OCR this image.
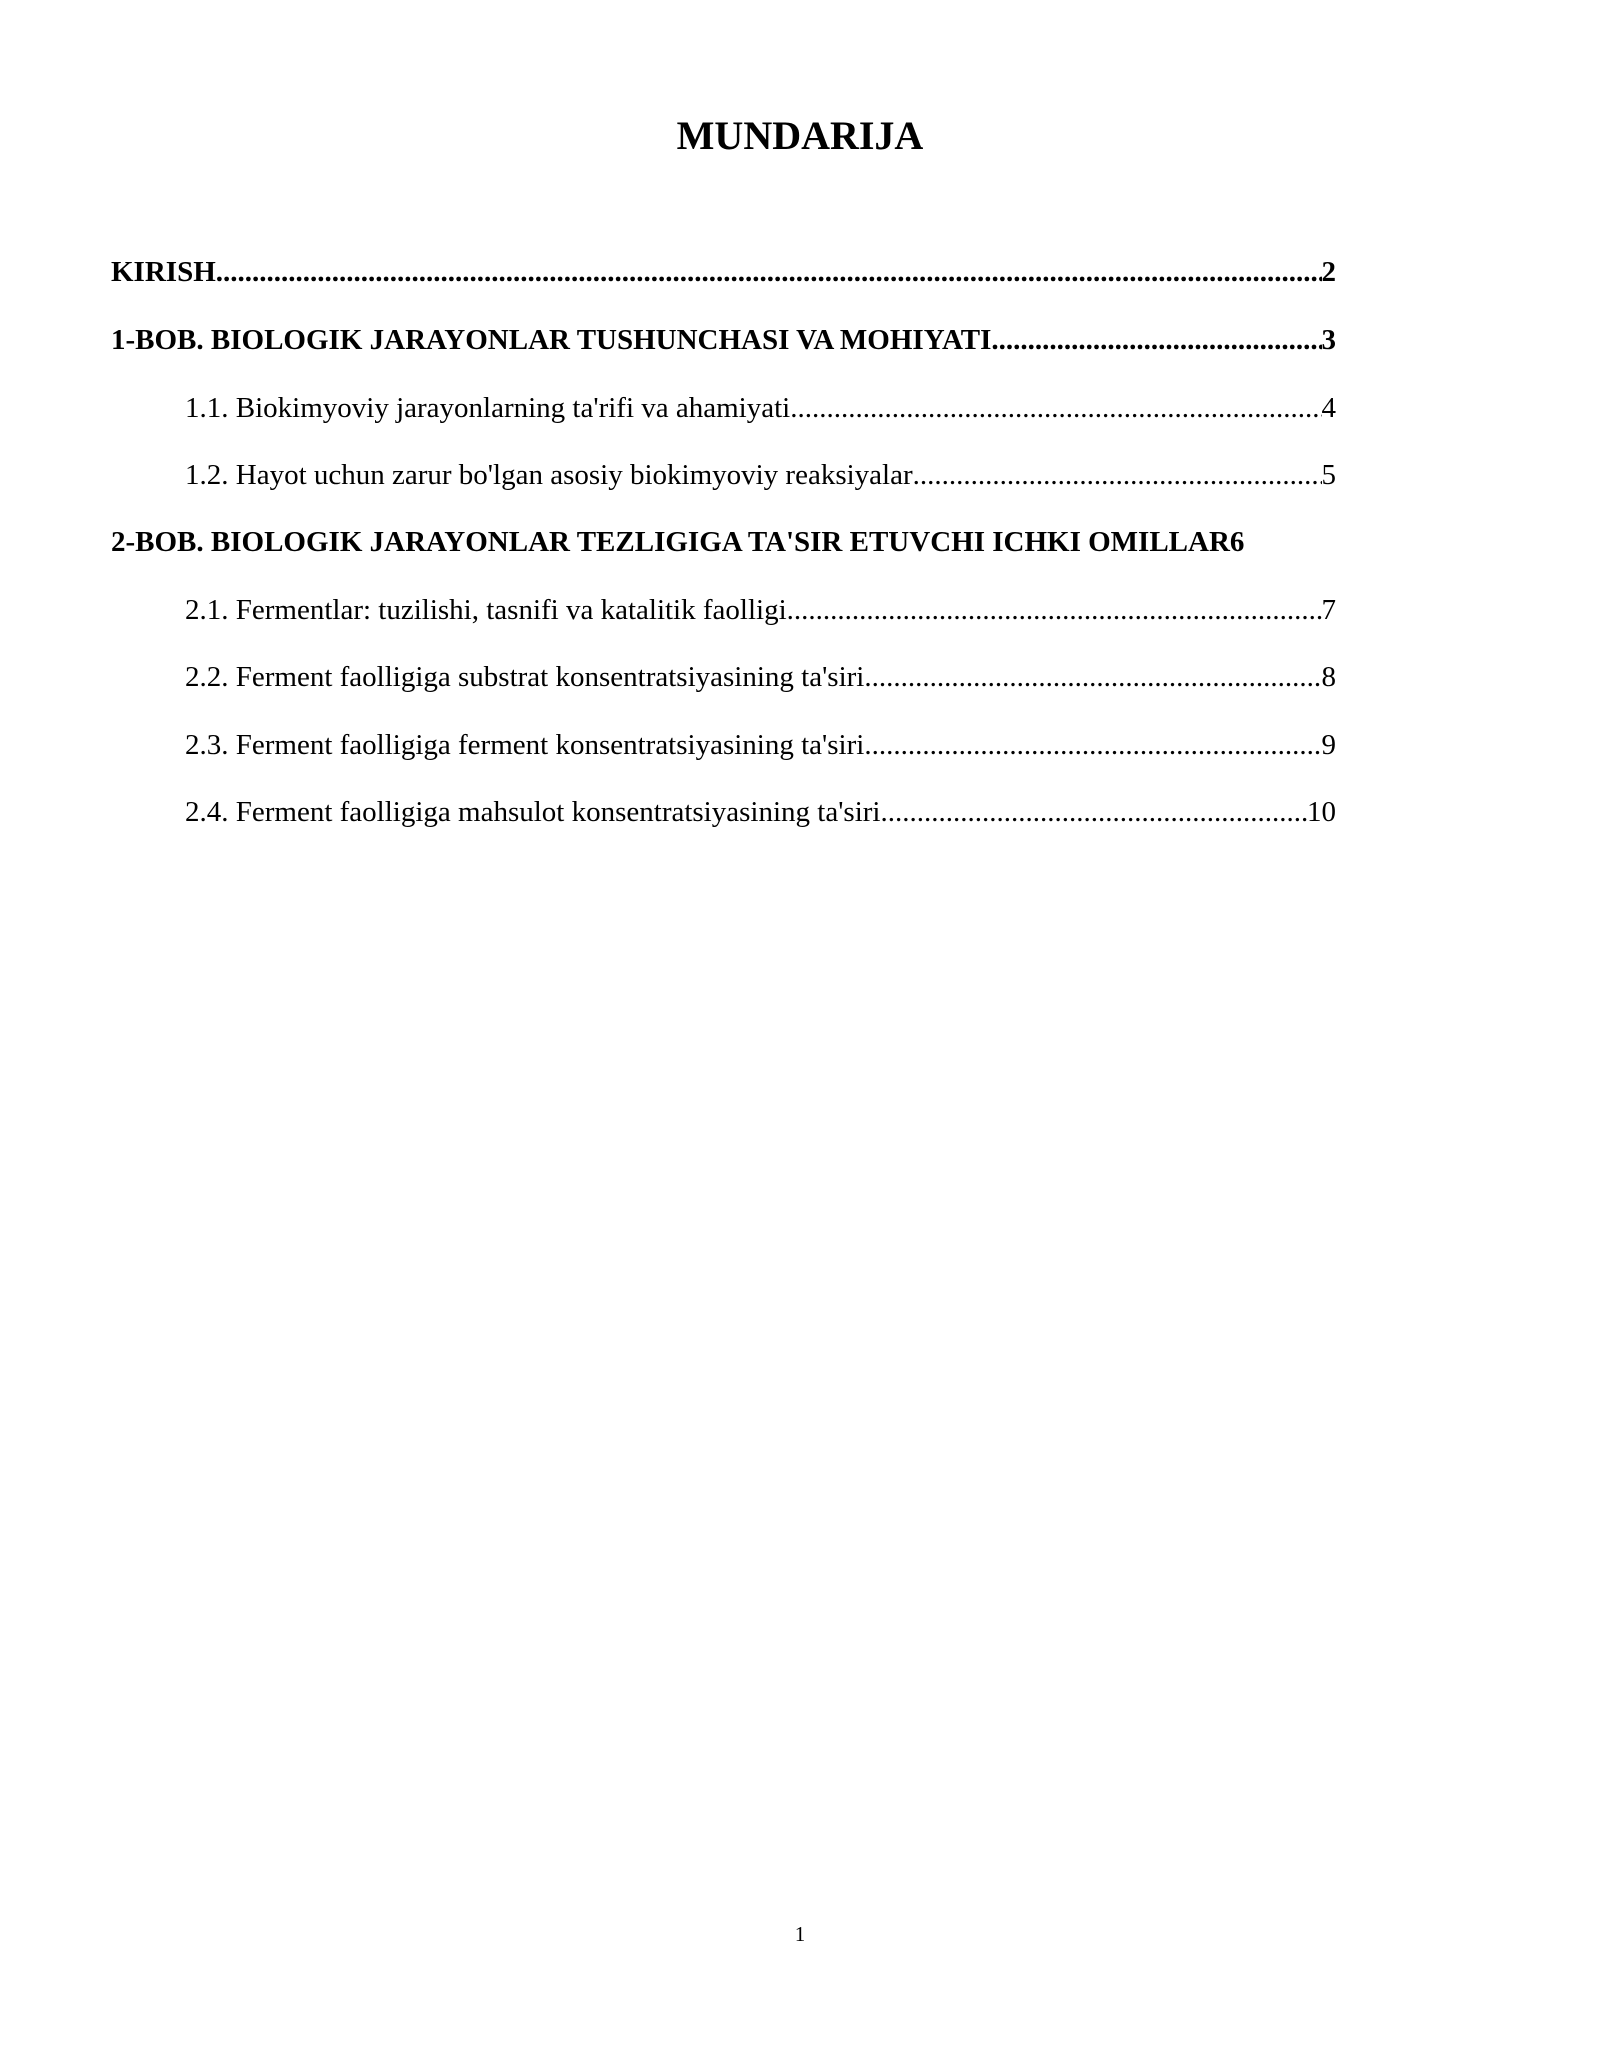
MUNDARIJA
KIRISH .....	2
1-BOB. BIOLOGIK JARAYONLAR TUSHUNCHASI VA MOHIYATI .....	3
1.1. Biokimyoviy jarayonlarning ta'rifi va ahamiyati .....	4
1.2. Hayot uchun zarur bo'lgan asosiy biokimyoviy reaksiyalar .....	5
2-BOB. BIOLOGIK JARAYONLAR TEZLIGIGA TA'SIR ETUVCHI ICHKI OMILLAR 6
2.1. Fermentlar: tuzilishi, tasnifi va katalitik faolligi .....	7
2.2. Ferment faolligiga substrat konsentratsiyasining ta'siri .....	8
2.3. Ferment faolligiga ferment konsentratsiyasining ta'siri .....	9
2.4. Ferment faolligiga mahsulot konsentratsiyasining ta'siri .....	10
1
